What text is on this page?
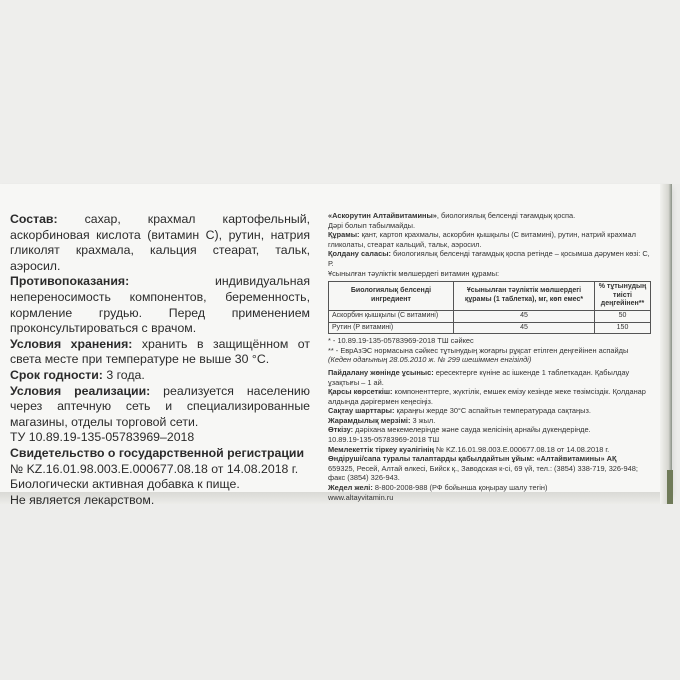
Состав: сахар, крахмал картофельный, аскорбиновая кислота (витамин С), рутин, натрия гликолят крахмала, кальция стеарат, тальк, аэросил.

Противопоказания:	индивидуальная непереносимость компонентов, беременность, кормление грудью. Перед применением проконсультироваться с врачом.

Условия хранения: хранить в защищённом от света месте при температуре не выше 30 °С.

Срок годности: 3 года.

Условия реализации: реализуется населению через аптечную сеть и специализированные магазины, отделы торговой сети.

ТУ 10.89.19-135-05783969–2018

Свидетельство о государственной регистрации

№ KZ.16.01.98.003.E.000677.08.18 от 14.08.2018 г.

Биологически активная добавка к пище.

Не является лекарством.

«Аскорутин Алтайвитамины», биологиялық белсенді тағамдық қоспа.

Дәрі болып табылмайды.

Құрамы: қант, картоп крахмалы, аскорбин қышқылы (С витамині), рутин, натрий крахмал гликолаты, стеарат кальций, тальк, аэросил.

Қолдану саласы: биологиялық белсенді тағамдық қоспа ретінде – қосымша дәрумен көзі: С, Р.

Ұсынылған тәуліктік мөлшердегі витамин құрамы:

Биологиялық белсенді ингредиент	Ұсынылған тәуліктік мөлшердегі құрамы (1 таблетка), мг, көп емес*	% тұтынудың тиісті деңгейінен**
Аскорбин қышқылы (С витамині)	45	50
Рутин (Р витамині)	45	150

* - 10.89.19-135-05783969-2018 ТШ сәйкес

** - ЕврАзЭС нормасына сәйкес тұтынудың жоғарғы рұқсат етілген деңгейінен аспайды

(Кеден одағының 28.05.2010 ж. № 299 шешіммен енгізілді)

Пайдалану жөнінде ұсыныс: ересектерге күніне ас ішкенде 1 таблеткадан. Қабылдау ұзақтығы – 1 ай.

Қарсы көрсеткіш: компоненттерге, жүктілік, емшек емізу кезінде жеке төзімсіздік. Қолданар алдында дәрігермен кеңесіңіз.

Сақтау шарттары: қараңғы жерде 30°С аспайтын температурада сақтаңыз.

Жарамдылық мерзімі: 3 жыл.

Өткізу: дәріхана мекемелерінде және сауда желісінің арнайы дүкендерінде.

10.89.19-135-05783969-2018 ТШ

Мемлекеттік тіркеу куәлігінің № KZ.16.01.98.003.E.000677.08.18 от 14.08.2018 г.

Өндіруші/сапа туралы талаптарды қабылдайтын ұйым: «Алтайвитамины» АҚ

659325, Ресей, Алтай өлкесі, Бийск қ., Заводская к-сі, 69 үй, тел.: (3854) 338-719, 326-948; факс (3854) 326-943.

Жедел желі: 8-800-2008-988 (РФ бойынша қоңырау шалу тегін)

www.altayvitamin.ru
